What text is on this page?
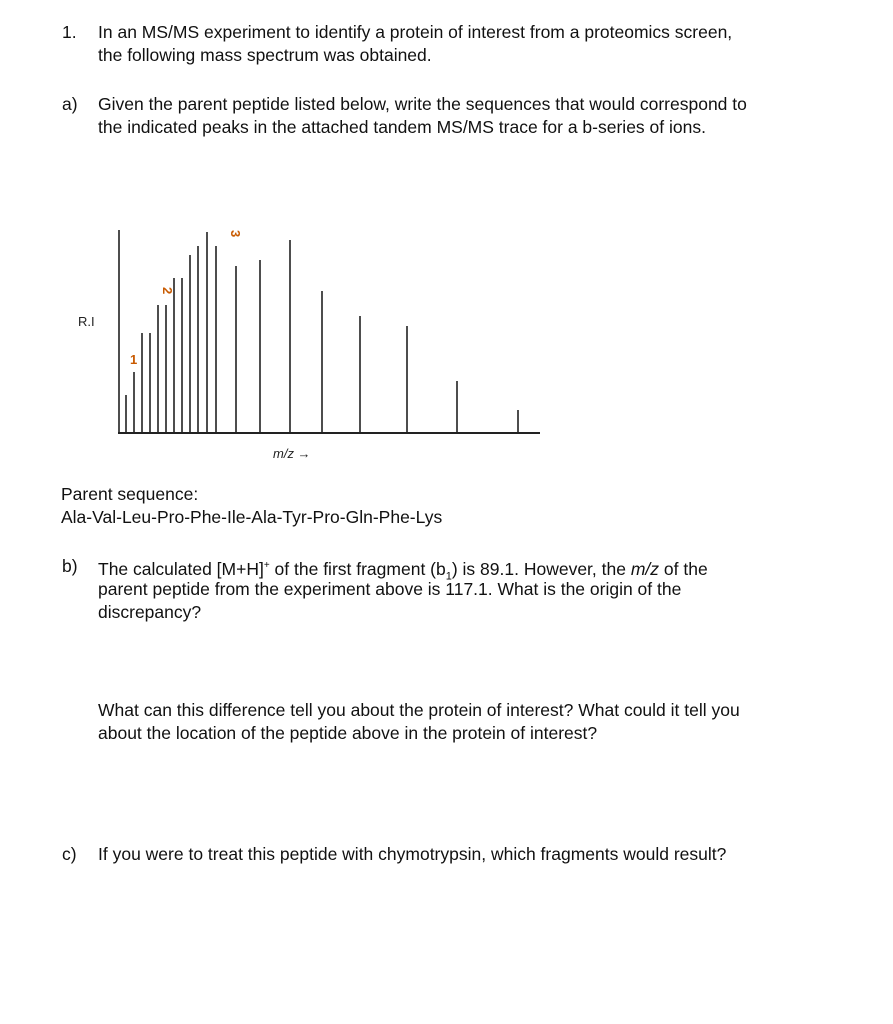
1. In an MS/MS experiment to identify a protein of interest from a proteomics screen,
the following mass spectrum was obtained.
a) Given the parent peptide listed below, write the sequences that would correspond to
the indicated peaks in the attached tandem MS/MS trace for a b-series of ions.
R.I
1
2
3
m/z →
Parent sequence:
Ala-Val-Leu-Pro-Phe-Ile-Ala-Tyr-Pro-Gln-Phe-Lys
b) The calculated [M+H]+ of the first fragment $(b_1)$ is 89.1. However, the m/z of the
parent peptide from the experiment above is 117.1. What is the origin of the
discrepancy?
What can this difference tell you about the protein of interest? What could it tell you
about the location of the peptide above in the protein of interest?
c) If you were to treat this peptide with chymotrypsin, which fragments would result?
